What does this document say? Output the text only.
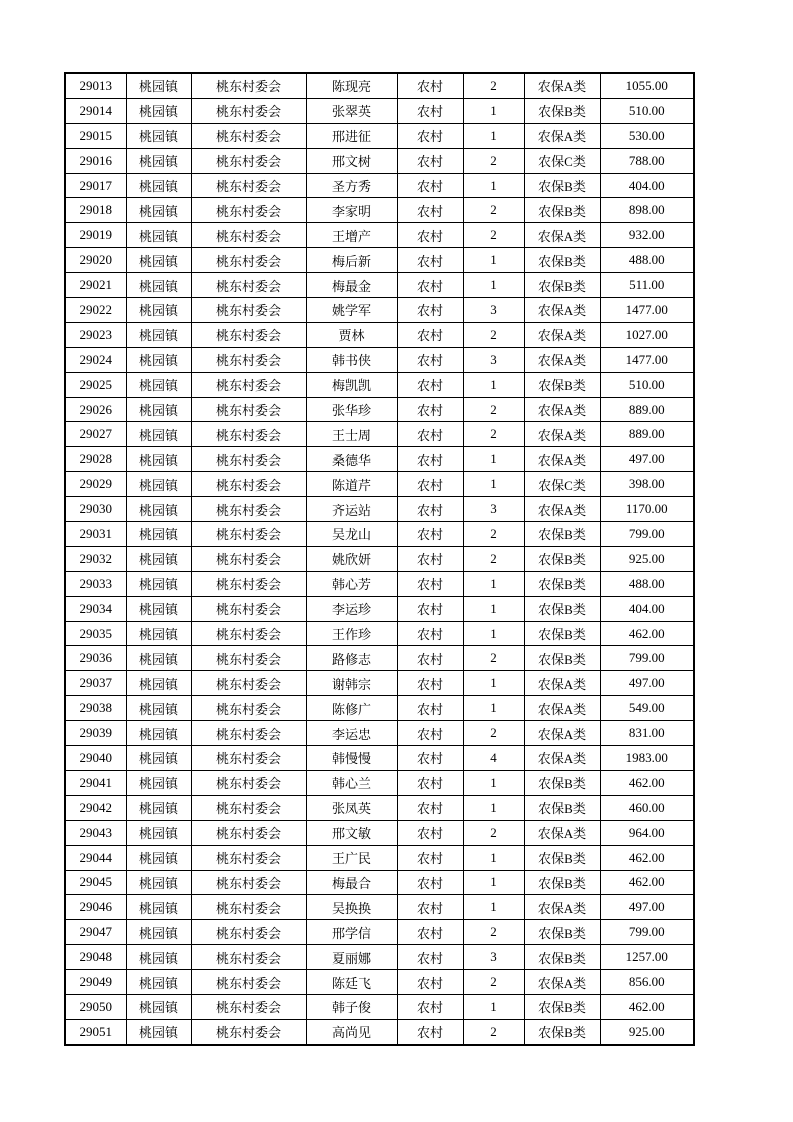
29013	桃园镇	桃东村委会	陈现亮	农村	2	农保A类	1055.00
29014	桃园镇	桃东村委会	张翠英	农村	1	农保B类	510.00
29015	桃园镇	桃东村委会	邢进征	农村	1	农保A类	530.00
29016	桃园镇	桃东村委会	邢文树	农村	2	农保C类	788.00
29017	桃园镇	桃东村委会	圣方秀	农村	1	农保B类	404.00
29018	桃园镇	桃东村委会	李家明	农村	2	农保B类	898.00
29019	桃园镇	桃东村委会	王增产	农村	2	农保A类	932.00
29020	桃园镇	桃东村委会	梅后新	农村	1	农保B类	488.00
29021	桃园镇	桃东村委会	梅最金	农村	1	农保B类	511.00
29022	桃园镇	桃东村委会	姚学军	农村	3	农保A类	1477.00
29023	桃园镇	桃东村委会	贾林	农村	2	农保A类	1027.00
29024	桃园镇	桃东村委会	韩书侠	农村	3	农保A类	1477.00
29025	桃园镇	桃东村委会	梅凯凯	农村	1	农保B类	510.00
29026	桃园镇	桃东村委会	张华珍	农村	2	农保A类	889.00
29027	桃园镇	桃东村委会	王士周	农村	2	农保A类	889.00
29028	桃园镇	桃东村委会	桑德华	农村	1	农保A类	497.00
29029	桃园镇	桃东村委会	陈道芹	农村	1	农保C类	398.00
29030	桃园镇	桃东村委会	齐运站	农村	3	农保A类	1170.00
29031	桃园镇	桃东村委会	吴龙山	农村	2	农保B类	799.00
29032	桃园镇	桃东村委会	姚欣妍	农村	2	农保B类	925.00
29033	桃园镇	桃东村委会	韩心芳	农村	1	农保B类	488.00
29034	桃园镇	桃东村委会	李运珍	农村	1	农保B类	404.00
29035	桃园镇	桃东村委会	王作珍	农村	1	农保B类	462.00
29036	桃园镇	桃东村委会	路修志	农村	2	农保B类	799.00
29037	桃园镇	桃东村委会	谢韩宗	农村	1	农保A类	497.00
29038	桃园镇	桃东村委会	陈修广	农村	1	农保A类	549.00
29039	桃园镇	桃东村委会	李运忠	农村	2	农保A类	831.00
29040	桃园镇	桃东村委会	韩慢慢	农村	4	农保A类	1983.00
29041	桃园镇	桃东村委会	韩心兰	农村	1	农保B类	462.00
29042	桃园镇	桃东村委会	张凤英	农村	1	农保B类	460.00
29043	桃园镇	桃东村委会	邢文敏	农村	2	农保A类	964.00
29044	桃园镇	桃东村委会	王广民	农村	1	农保B类	462.00
29045	桃园镇	桃东村委会	梅最合	农村	1	农保B类	462.00
29046	桃园镇	桃东村委会	吴换换	农村	1	农保A类	497.00
29047	桃园镇	桃东村委会	邢学信	农村	2	农保B类	799.00
29048	桃园镇	桃东村委会	夏丽娜	农村	3	农保B类	1257.00
29049	桃园镇	桃东村委会	陈廷飞	农村	2	农保A类	856.00
29050	桃园镇	桃东村委会	韩子俊	农村	1	农保B类	462.00
29051	桃园镇	桃东村委会	高尚见	农村	2	农保B类	925.00
